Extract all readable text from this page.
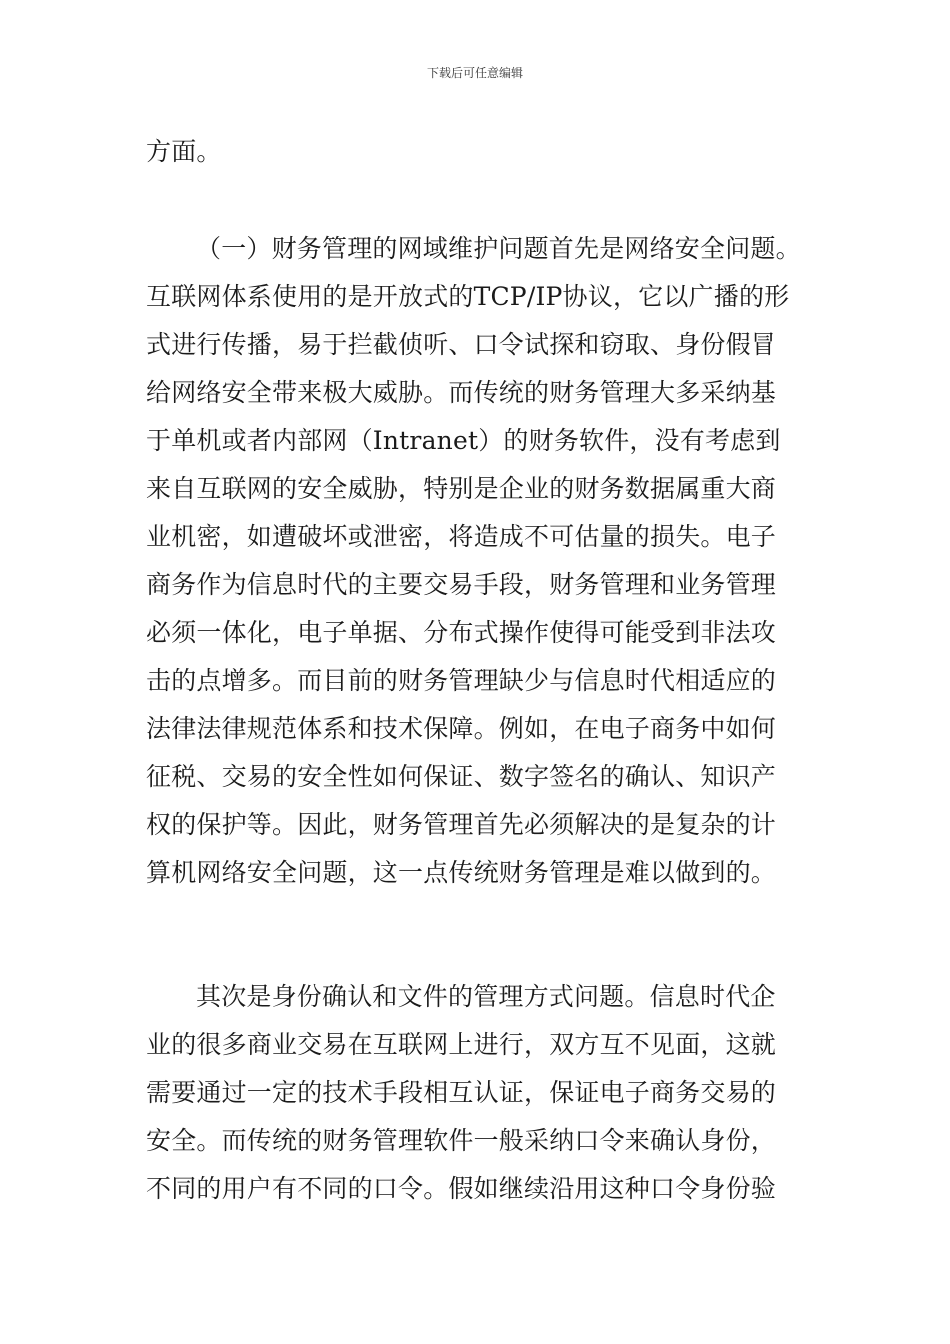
下载后可任意编辑
方面。
（一）财务管理的网域维护问题首先是网络安全问题。
互联网体系使用的是开放式的TCP/IP协议，它以广播的形
式进行传播，易于拦截侦听、口令试探和窃取、身份假冒
给网络安全带来极大威胁。而传统的财务管理大多采纳基
于单机或者内部网（Intranet）的财务软件，没有考虑到
来自互联网的安全威胁，特别是企业的财务数据属重大商
业机密，如遭破坏或泄密，将造成不可估量的损失。电子
商务作为信息时代的主要交易手段，财务管理和业务管理
必须一体化，电子单据、分布式操作使得可能受到非法攻
击的点增多。而目前的财务管理缺少与信息时代相适应的
法律法律规范体系和技术保障。例如，在电子商务中如何
征税、交易的安全性如何保证、数字签名的确认、知识产
权的保护等。因此，财务管理首先必须解决的是复杂的计
算机网络安全问题，这一点传统财务管理是难以做到的。
其次是身份确认和文件的管理方式问题。信息时代企
业的很多商业交易在互联网上进行，双方互不见面，这就
需要通过一定的技术手段相互认证，保证电子商务交易的
安全。而传统的财务管理软件一般采纳口令来确认身份，
不同的用户有不同的口令。假如继续沿用这种口令身份验
